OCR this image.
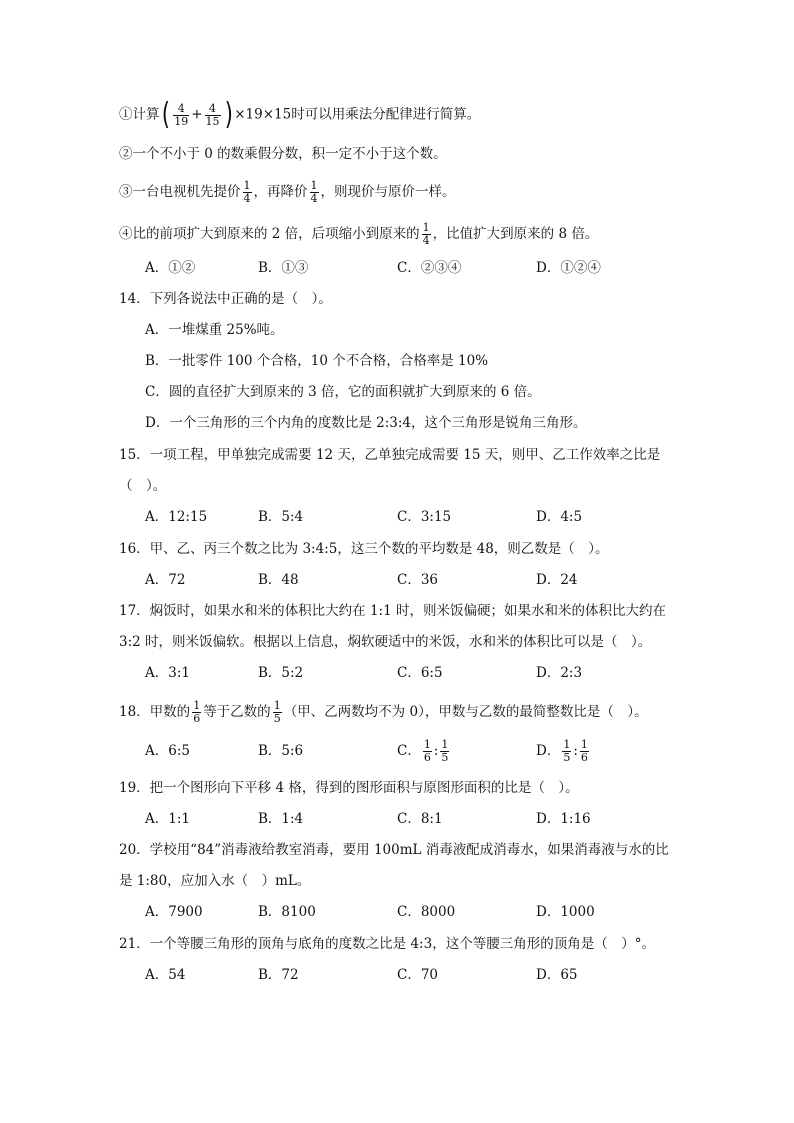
①计算( $\frac{4}{19} + \frac{4}{15}$ ) ×19×15时可以用乘法分配律进行简算。
②一个不小于 0 的数乘假分数，积一定不小于这个数。
③一台电视机先提价 $\frac{1}{4}$ ，再降价 $\frac{1}{4}$ ，则现价与原价一样。
④比的前项扩大到原来的 2 倍，后项缩小到原来的 $\frac{1}{4}$ ，比值扩大到原来的 8 倍。
A．①②	B．①③	C．②③④	D．①②④
14．下列各说法中正确的是（　）。
A．一堆煤重 25%吨。
B．一批零件 100 个合格，10 个不合格，合格率是 10%
C．圆的直径扩大到原来的 3 倍，它的面积就扩大到原来的 6 倍。
D．一个三角形的三个内角的度数比是 2:3:4，这个三角形是锐角三角形。
15．一项工程，甲单独完成需要 12 天，乙单独完成需要 15 天，则甲、乙工作效率之比是
（　）。
A．12:15	B．5:4	C．3:15	D．4:5
16．甲、乙、丙三个数之比为 3:4:5，这三个数的平均数是 48，则乙数是（　）。
A．72	B．48	C．36	D．24
17．焖饭时，如果水和米的体积比大约在 1:1 时，则米饭偏硬；如果水和米的体积比大约在
3:2 时，则米饭偏软。根据以上信息，焖软硬适中的米饭，水和米的体积比可以是（　）。
A．3:1	B．5:2	C．6:5	D．2:3
18．甲数的 $\frac{1}{6}$ 等于乙数的 $\frac{1}{5}$ （甲、乙两数均不为 0），甲数与乙数的最简整数比是（　）。
A．6:5	B．5:6	C． $\frac{1}{6}$ : $\frac{1}{5}$	D． $\frac{1}{5}$ : $\frac{1}{6}$
19．把一个图形向下平移 4 格，得到的图形面积与原图形面积的比是（　）。
A．1:1	B．1:4	C．8:1	D．1:16
20．学校用“84”消毒液给教室消毒，要用 100mL 消毒液配成消毒水，如果消毒液与水的比
是 1:80，应加入水（　）mL。
A．7900	B．8100	C．8000	D．1000
21．一个等腰三角形的顶角与底角的度数之比是 4:3，这个等腰三角形的顶角是（　）°。
A．54	B．72	C．70	D．65
